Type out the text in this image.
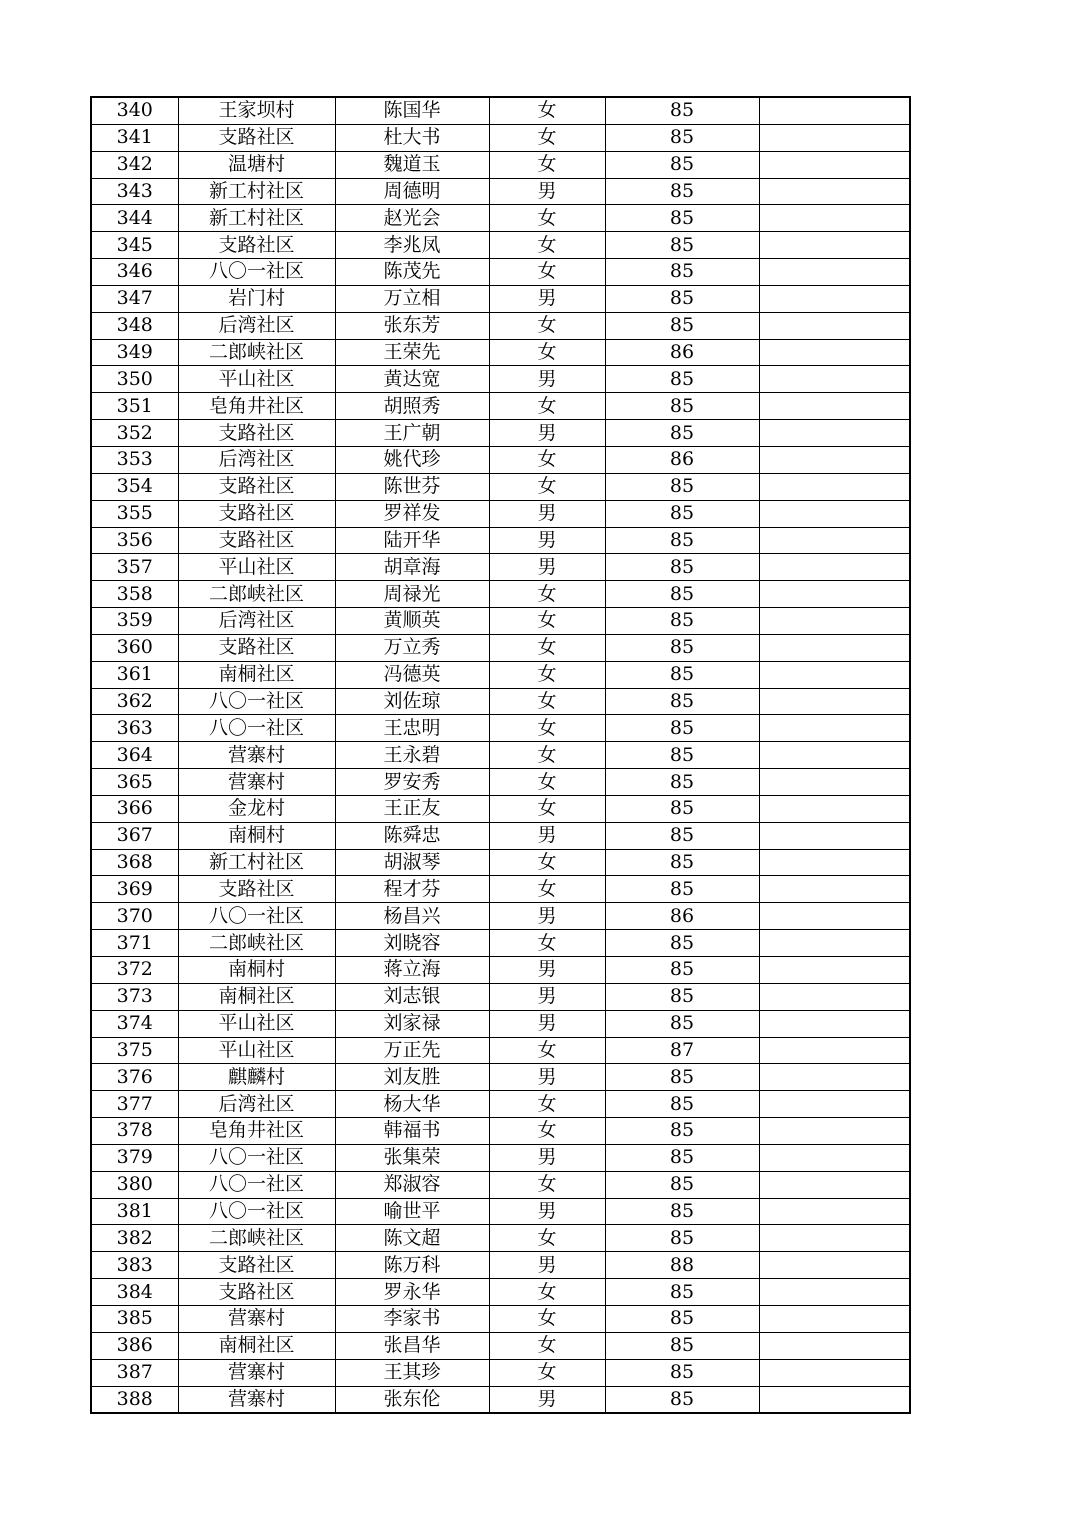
340	王家坝村	陈国华	女	85	
341	支路社区	杜大书	女	85	
342	温塘村	魏道玉	女	85	
343	新工村社区	周德明	男	85	
344	新工村社区	赵光会	女	85	
345	支路社区	李兆凤	女	85	
346	八〇一社区	陈茂先	女	85	
347	岩门村	万立相	男	85	
348	后湾社区	张东芳	女	85	
349	二郎峡社区	王荣先	女	86	
350	平山社区	黄达宽	男	85	
351	皂角井社区	胡照秀	女	85	
352	支路社区	王广朝	男	85	
353	后湾社区	姚代珍	女	86	
354	支路社区	陈世芬	女	85	
355	支路社区	罗祥发	男	85	
356	支路社区	陆开华	男	85	
357	平山社区	胡章海	男	85	
358	二郎峡社区	周禄光	女	85	
359	后湾社区	黄顺英	女	85	
360	支路社区	万立秀	女	85	
361	南桐社区	冯德英	女	85	
362	八〇一社区	刘佐琼	女	85	
363	八〇一社区	王忠明	女	85	
364	营寨村	王永碧	女	85	
365	营寨村	罗安秀	女	85	
366	金龙村	王正友	女	85	
367	南桐村	陈舜忠	男	85	
368	新工村社区	胡淑琴	女	85	
369	支路社区	程才芬	女	85	
370	八〇一社区	杨昌兴	男	86	
371	二郎峡社区	刘晓容	女	85	
372	南桐村	蒋立海	男	85	
373	南桐社区	刘志银	男	85	
374	平山社区	刘家禄	男	85	
375	平山社区	万正先	女	87	
376	麒麟村	刘友胜	男	85	
377	后湾社区	杨大华	女	85	
378	皂角井社区	韩福书	女	85	
379	八〇一社区	张集荣	男	85	
380	八〇一社区	郑淑容	女	85	
381	八〇一社区	喻世平	男	85	
382	二郎峡社区	陈文超	女	85	
383	支路社区	陈万科	男	88	
384	支路社区	罗永华	女	85	
385	营寨村	李家书	女	85	
386	南桐社区	张昌华	女	85	
387	营寨村	王其珍	女	85	
388	营寨村	张东伦	男	85	
